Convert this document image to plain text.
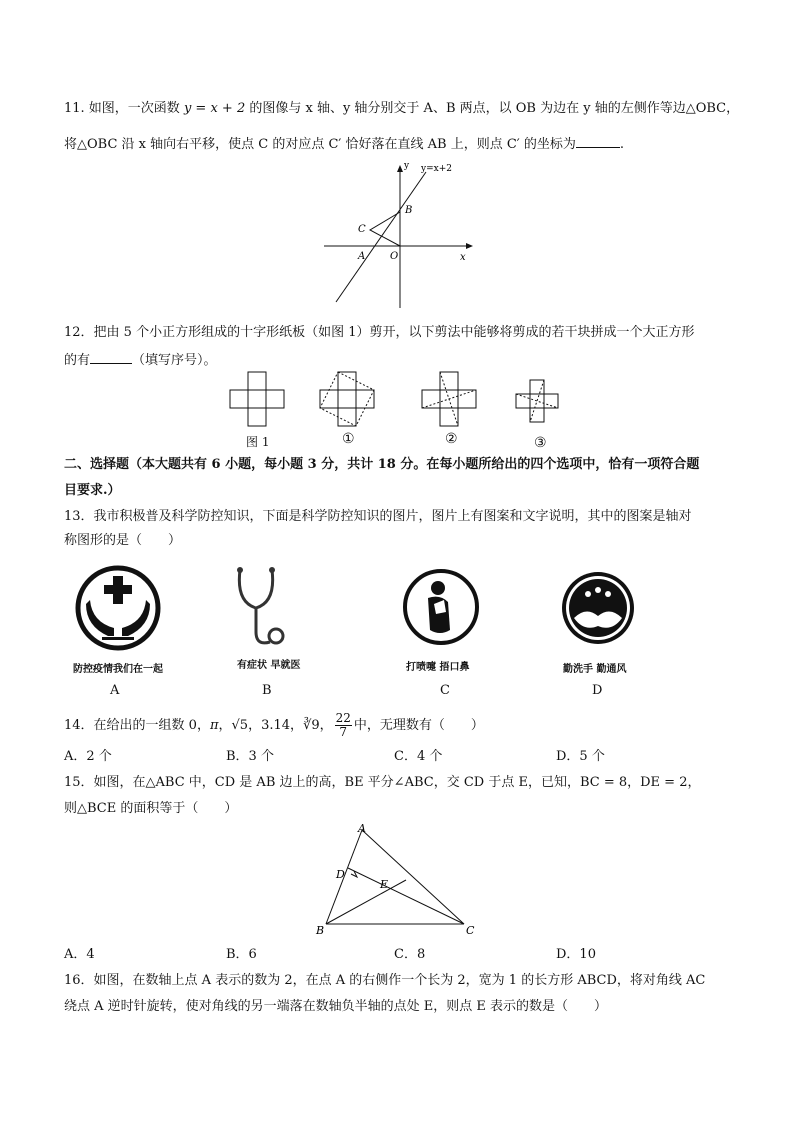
11. 如图，一次函数 y = x + 2 的图像与 x 轴、y 轴分别交于 A、B 两点，以 OB 为边在 y 轴的左侧作等边△OBC，
将△OBC 沿 x 轴向右平移，使点 C 的对应点 C′ 恰好落在直线 AB 上，则点 C′ 的坐标为	.
y y=x+2
B
C
A O	x
12．把由 5 个小正方形组成的十字形纸板（如图 1）剪开，以下剪法中能够将剪成的若干块拼成一个大正方形
的有	（填写序号）。
图 1	①	②	③
二、选择题（本大题共有 6 小题，每小题 3 分，共计 18 分。在每小题所给出的四个选项中，恰有一项符合题
目要求.）
13．我市积极普及科学防控知识，下面是科学防控知识的图片，图片上有图案和文字说明，其中的图案是轴对
称图形的是（　　）
防控疫情我们在一起	有症状 早就医	打喷嚏 捂口鼻	勤洗手 勤通风
A	B	C	D
14．在给出的一组数 0，π，√5，3.14，∛9， $\frac{22}{7}$ 中，无理数有（　　）
A．2 个	B．3 个	C．4 个	D．5 个
15．如图，在△ABC 中，CD 是 AB 边上的高，BE 平分∠ABC，交 CD 于点 E，已知，BC = 8，DE = 2，
则△BCE 的面积等于（　　）
A
D
E
B	C
A．4	B．6	C．8	D．10
16．如图，在数轴上点 A 表示的数为 2，在点 A 的右侧作一个长为 2，宽为 1 的长方形 ABCD，将对角线 AC
绕点 A 逆时针旋转，使对角线的另一端落在数轴负半轴的点处 E，则点 E 表示的数是（　　）
